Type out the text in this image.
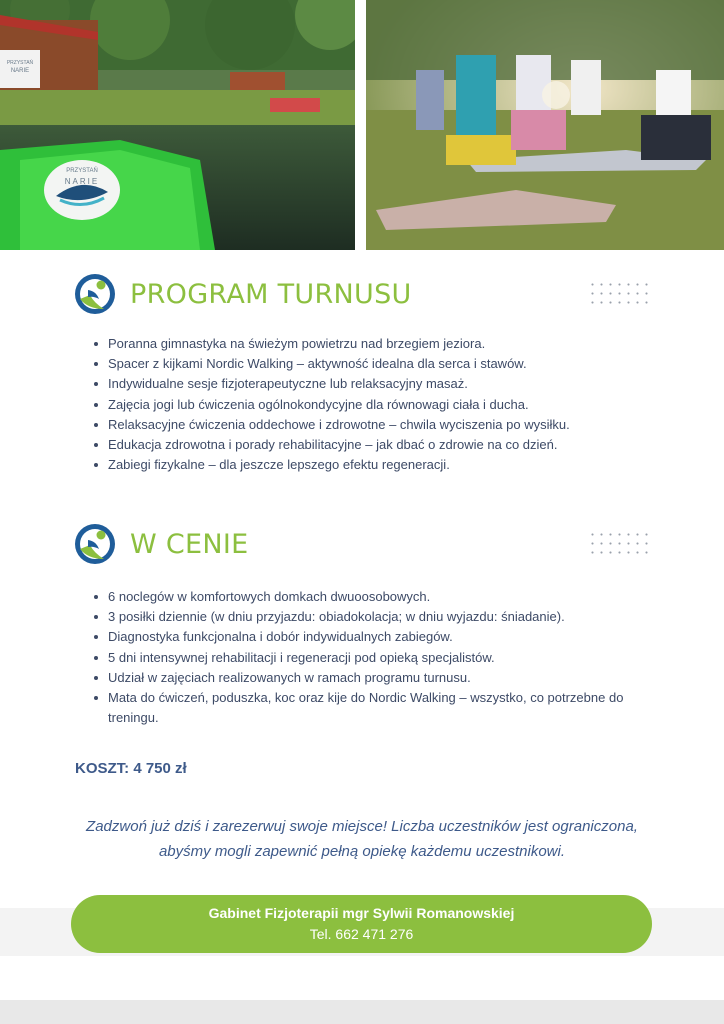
PRZYSTAŃ
NARIE
PRZYSTAŃ
NARIE
PROGRAM TURNUSU
Poranna gimnastyka na świeżym powietrzu nad brzegiem jeziora.
Spacer z kijkami Nordic Walking – aktywność idealna dla serca i stawów.
Indywidualne sesje fizjoterapeutyczne lub relaksacyjny masaż.
Zajęcia jogi lub ćwiczenia ogólnokondycyjne dla równowagi ciała i ducha.
Relaksacyjne ćwiczenia oddechowe i zdrowotne – chwila wyciszenia po wysiłku.
Edukacja zdrowotna i porady rehabilitacyjne – jak dbać o zdrowie na co dzień.
Zabiegi fizykalne – dla jeszcze lepszego efektu regeneracji.
W CENIE
6 noclegów w komfortowych domkach dwuoosobowych.
3 posiłki dziennie (w dniu przyjazdu: obiadokolacja; w dniu wyjazdu: śniadanie).
Diagnostyka funkcjonalna i dobór indywidualnych zabiegów.
5 dni intensywnej rehabilitacji i regeneracji pod opieką specjalistów.
Udział w zajęciach realizowanych w ramach programu turnusu.
Mata do ćwiczeń, poduszka, koc oraz kije do Nordic Walking – wszystko, co potrzebne do treningu.
KOSZT: 4 750 zł
Zadzwoń już dziś i zarezerwuj swoje miejsce! Liczba uczestników jest ograniczona,
abyśmy mogli zapewnić pełną opiekę każdemu uczestnikowi.
Gabinet Fizjoterapii mgr Sylwii Romanowskiej
Tel. 662 471 276
